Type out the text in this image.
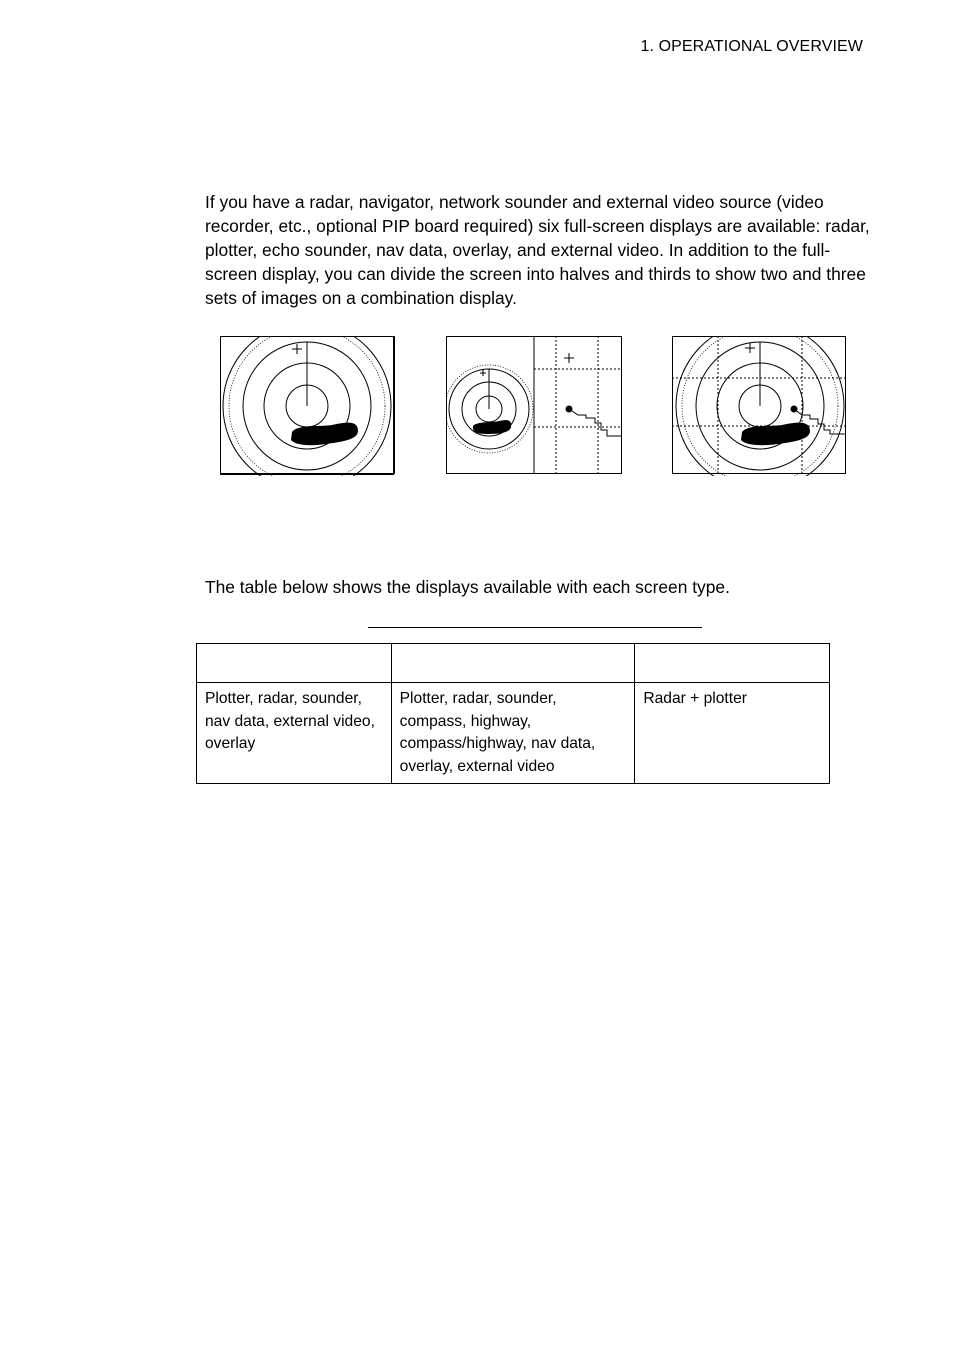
1. OPERATIONAL OVERVIEW

If you have a radar, navigator, network sounder and external video source (video recorder, etc., optional PIP board required) six full-screen displays are available: radar, plotter, echo sounder, nav data, overlay, and external video. In addition to the full-screen display, you can divide the screen into halves and thirds to show two and three sets of images on a combination display.

The table below shows the displays available with each screen type.

Plotter, radar, sounder, nav data, external video, overlay	Plotter, radar, sounder, compass, highway, compass/highway, nav data, overlay, external video	Radar + plotter
